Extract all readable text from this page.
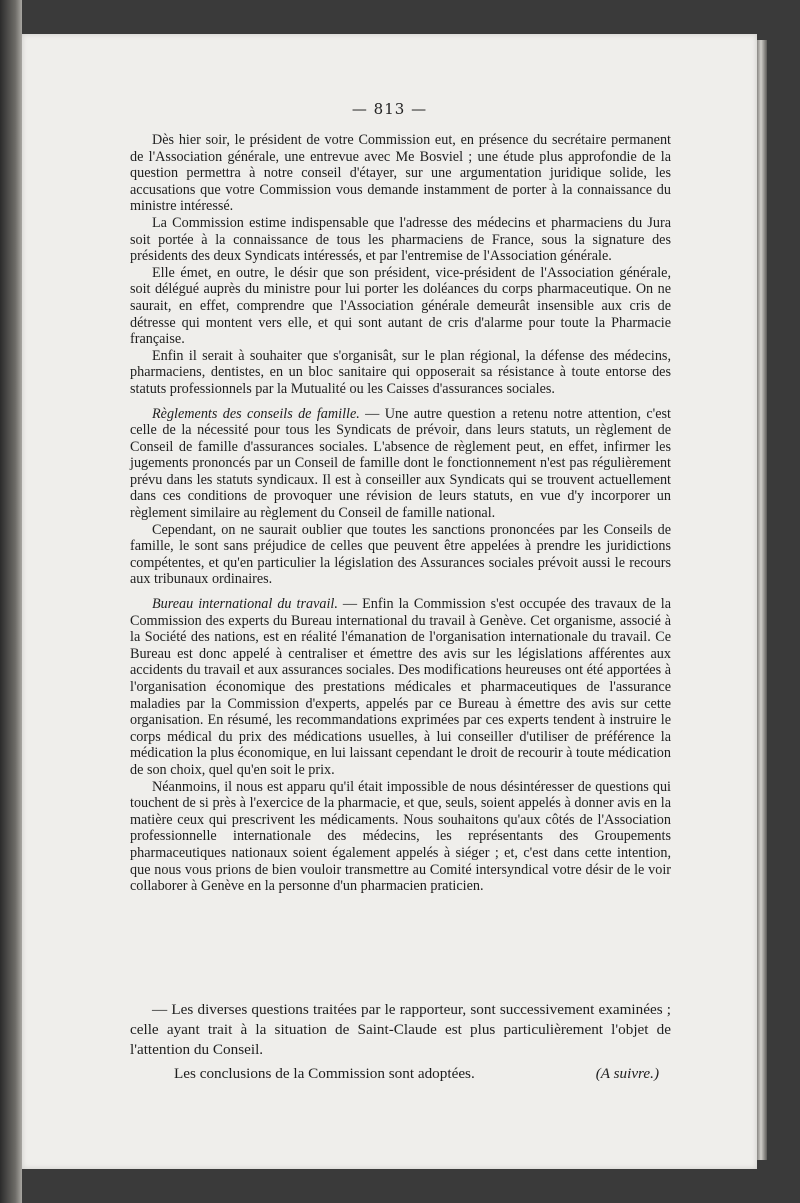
— 813 —

Dès hier soir, le président de votre Commission eut, en présence du secrétaire permanent de l'Association générale, une entrevue avec Me Bosviel ; une étude plus approfondie de la question permettra à notre conseil d'étayer, sur une argumentation juridique solide, les accusations que votre Commission vous demande instamment de porter à la connaissance du ministre intéressé.

La Commission estime indispensable que l'adresse des médecins et pharmaciens du Jura soit portée à la connaissance de tous les pharmaciens de France, sous la signature des présidents des deux Syndicats intéressés, et par l'entremise de l'Association générale.

Elle émet, en outre, le désir que son président, vice-président de l'Association générale, soit délégué auprès du ministre pour lui porter les doléances du corps pharmaceutique. On ne saurait, en effet, comprendre que l'Association générale demeurât insensible aux cris de détresse qui montent vers elle, et qui sont autant de cris d'alarme pour toute la Pharmacie française.

Enfin il serait à souhaiter que s'organisât, sur le plan régional, la défense des médecins, pharmaciens, dentistes, en un bloc sanitaire qui opposerait sa résistance à toute entorse des statuts professionnels par la Mutualité ou les Caisses d'assurances sociales.

Règlements des conseils de famille. — Une autre question a retenu notre attention, c'est celle de la nécessité pour tous les Syndicats de prévoir, dans leurs statuts, un règlement de Conseil de famille d'assurances sociales. L'absence de règlement peut, en effet, infirmer les jugements prononcés par un Conseil de famille dont le fonctionnement n'est pas régulièrement prévu dans les statuts syndicaux. Il est à conseiller aux Syndicats qui se trouvent actuellement dans ces conditions de provoquer une révision de leurs statuts, en vue d'y incorporer un règlement similaire au règlement du Conseil de famille national.

Cependant, on ne saurait oublier que toutes les sanctions prononcées par les Conseils de famille, le sont sans préjudice de celles que peuvent être appelées à prendre les juridictions compétentes, et qu'en particulier la législation des Assurances sociales prévoit aussi le recours aux tribunaux ordinaires.

Bureau international du travail. — Enfin la Commission s'est occupée des travaux de la Commission des experts du Bureau international du travail à Genève. Cet organisme, associé à la Société des nations, est en réalité l'émanation de l'organisation internationale du travail. Ce Bureau est donc appelé à centraliser et émettre des avis sur les législations afférentes aux accidents du travail et aux assurances sociales. Des modifications heureuses ont été apportées à l'organisation économique des prestations médicales et pharmaceutiques de l'assurance maladies par la Commission d'experts, appelés par ce Bureau à émettre des avis sur cette organisation. En résumé, les recommandations exprimées par ces experts tendent à instruire le corps médical du prix des médications usuelles, à lui conseiller d'utiliser de préférence la médication la plus économique, en lui laissant cependant le droit de recourir à toute médication de son choix, quel qu'en soit le prix.

Néanmoins, il nous est apparu qu'il était impossible de nous désintéresser de questions qui touchent de si près à l'exercice de la pharmacie, et que, seuls, soient appelés à donner avis en la matière ceux qui prescrivent les médicaments. Nous souhaitons qu'aux côtés de l'Association professionnelle internationale des médecins, les représentants des Groupements pharmaceutiques nationaux soient également appelés à siéger ; et, c'est dans cette intention, que nous vous prions de bien vouloir transmettre au Comité intersyndical votre désir de le voir collaborer à Genève en la personne d'un pharmacien praticien.

— Les diverses questions traitées par le rapporteur, sont successivement examinées ; celle ayant trait à la situation de Saint-Claude est plus particulièrement l'objet de l'attention du Conseil.

Les conclusions de la Commission sont adoptées.	(A suivre.)
